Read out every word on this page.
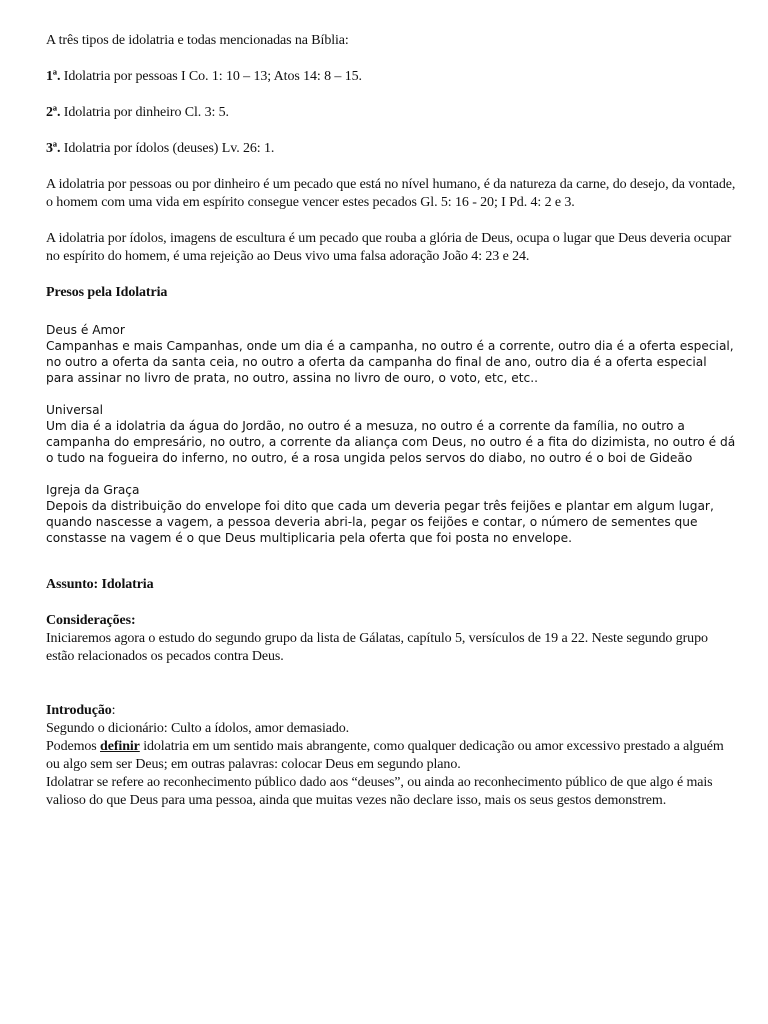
A três tipos de idolatria e todas mencionadas na Bíblia:

1ª. Idolatria por pessoas I Co. 1: 10 – 13; Atos 14: 8 – 15.

2ª. Idolatria por dinheiro Cl. 3: 5.

3ª. Idolatria por ídolos (deuses) Lv. 26: 1.

A idolatria por pessoas ou por dinheiro é um pecado que está no nível humano, é da natureza da carne, do desejo, da vontade, o homem com uma vida em espírito consegue vencer estes pecados Gl. 5: 16 - 20; I Pd. 4: 2 e 3.

A idolatria por ídolos, imagens de escultura é um pecado que rouba a glória de Deus, ocupa o lugar que Deus deveria ocupar no espírito do homem, é uma rejeição ao Deus vivo uma falsa adoração João 4: 23 e 24.

Presos pela Idolatria

Deus é Amor

Campanhas e mais Campanhas, onde um dia é a campanha, no outro é a corrente, outro dia é a oferta especial, no outro a oferta da santa ceia, no outro a oferta da campanha do final de ano, outro dia é a oferta especial para assinar no livro de prata, no outro, assina no livro de ouro, o voto, etc, etc..

Universal

Um dia é a idolatria da água do Jordão, no outro é a mesuza, no outro é a corrente da família, no outro a campanha do empresário, no outro, a corrente da aliança com Deus, no outro é a fita do dizimista, no outro é dá o tudo na fogueira do inferno, no outro, é a rosa ungida pelos servos do diabo, no outro é o boi de Gideão

Igreja da Graça

Depois da distribuição do envelope foi dito que cada um deveria pegar três feijões e plantar em algum lugar, quando nascesse a vagem, a pessoa deveria abri-la, pegar os feijões e contar, o número de sementes que constasse na vagem é o que Deus multiplicaria pela oferta que foi posta no envelope.

Assunto: Idolatria

Considerações:

Iniciaremos agora o estudo do segundo grupo da lista de Gálatas, capítulo 5, versículos de 19 a 22. Neste segundo grupo estão relacionados os pecados contra Deus.

Introdução:

Segundo o dicionário: Culto a ídolos, amor demasiado.

Podemos definir idolatria em um sentido mais abrangente, como qualquer dedicação ou amor excessivo prestado a alguém ou algo sem ser Deus; em outras palavras: colocar Deus em segundo plano.

Idolatrar se refere ao reconhecimento público dado aos “deuses”, ou ainda ao reconhecimento público de que algo é mais valioso do que Deus para uma pessoa, ainda que muitas vezes não declare isso, mais os seus gestos demonstrem.
